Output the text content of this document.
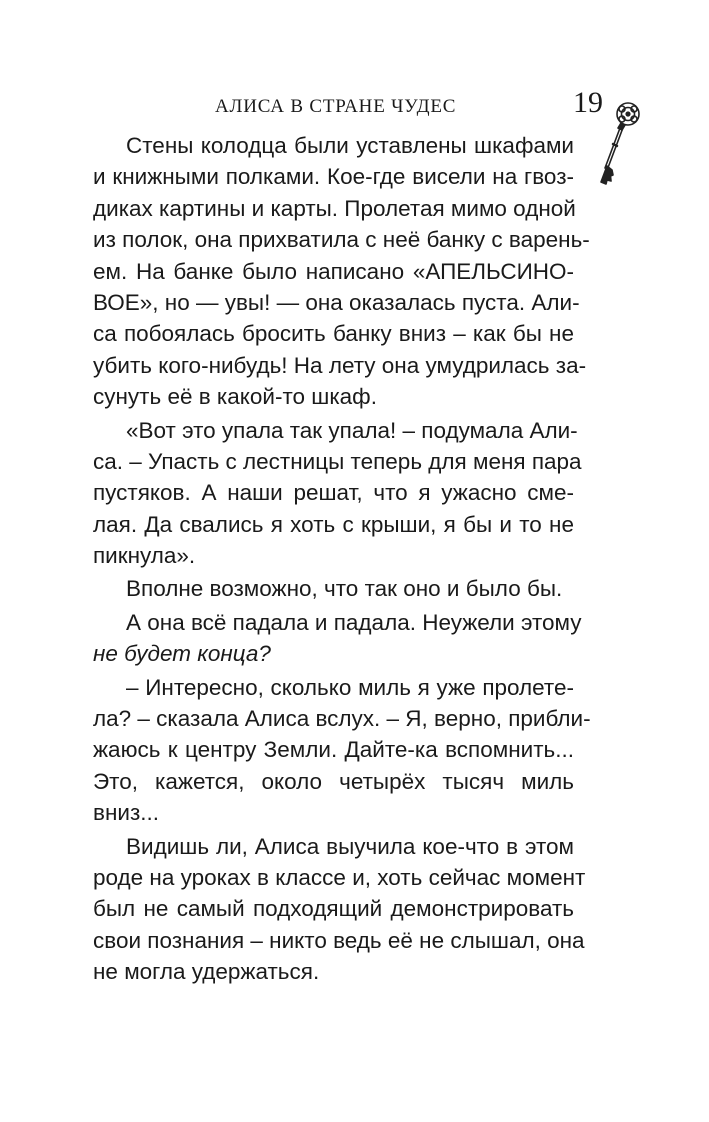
АЛИСА В СТРАНЕ ЧУДЕС	19
Стены колодца были уставлены шкафами
и книжными полками. Кое-где висели на гвоз-
диках картины и карты. Пролетая мимо одной
из полок, она прихватила с неё банку с варень-
ем. На банке было написано «АПЕЛЬСИНО-
ВОЕ», но — увы! — она оказалась пуста. Али-
са побоялась бросить банку вниз – как бы не
убить кого-нибудь! На лету она умудрилась за-
сунуть её в какой-то шкаф.
«Вот это упала так упала! – подумала Али-
са. – Упасть с лестницы теперь для меня пара
пустяков. А наши решат, что я ужасно сме-
лая. Да свались я хоть с крыши, я бы и то не
пикнула».
Вполне возможно, что так оно и было бы.
А она всё падала и падала. Неужели этому
не будет конца?
– Интересно, сколько миль я уже пролете-
ла? – сказала Алиса вслух. – Я, верно, прибли-
жаюсь к центру Земли. Дайте-ка вспомнить...
Это, кажется, около четырёх тысяч миль
вниз...
Видишь ли, Алиса выучила кое-что в этом
роде на уроках в классе и, хоть сейчас момент
был не самый подходящий демонстрировать
свои познания – никто ведь её не слышал, она
не могла удержаться.
